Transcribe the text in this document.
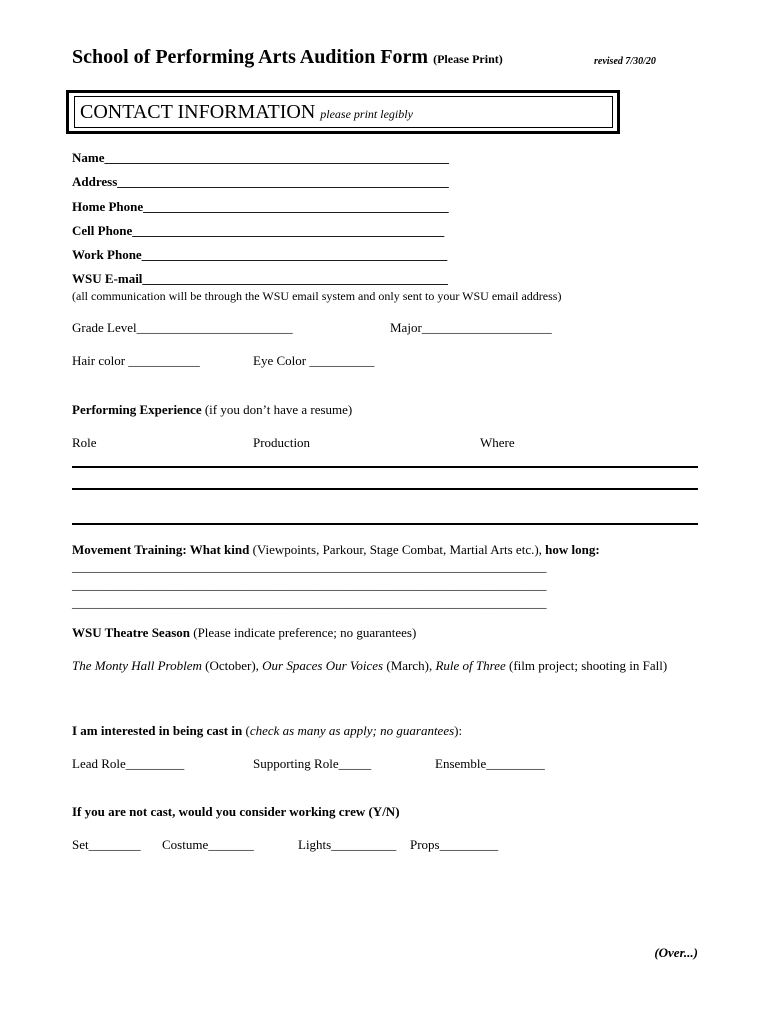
School of Performing Arts Audition Form (Please Print)	revised 7/30/20
CONTACT INFORMATION please print legibly
Name_____________________________________________________
Address___________________________________________________
Home Phone_______________________________________________
Cell Phone________________________________________________
Work Phone_______________________________________________
WSU E-mail_______________________________________________
(all communication will be through the WSU email system and only sent to your WSU email address)
Grade Level________________________	Major____________________
Hair color ___________	Eye Color __________
Performing Experience (if you don’t have a resume)
Role	Production	Where
Movement Training: What kind (Viewpoints, Parkour, Stage Combat, Martial Arts etc.), how long:
_________________________________________________________________________
_________________________________________________________________________
_________________________________________________________________________
WSU Theatre Season (Please indicate preference; no guarantees)
The Monty Hall Problem (October), Our Spaces Our Voices (March), Rule of Three (film project; shooting in Fall)
I am interested in being cast in (check as many as apply; no guarantees):
Lead Role_________	Supporting Role_____	Ensemble_________
If you are not cast, would you consider working crew (Y/N)
Set________ Costume_______	Lights__________ Props_________
(Over...)
